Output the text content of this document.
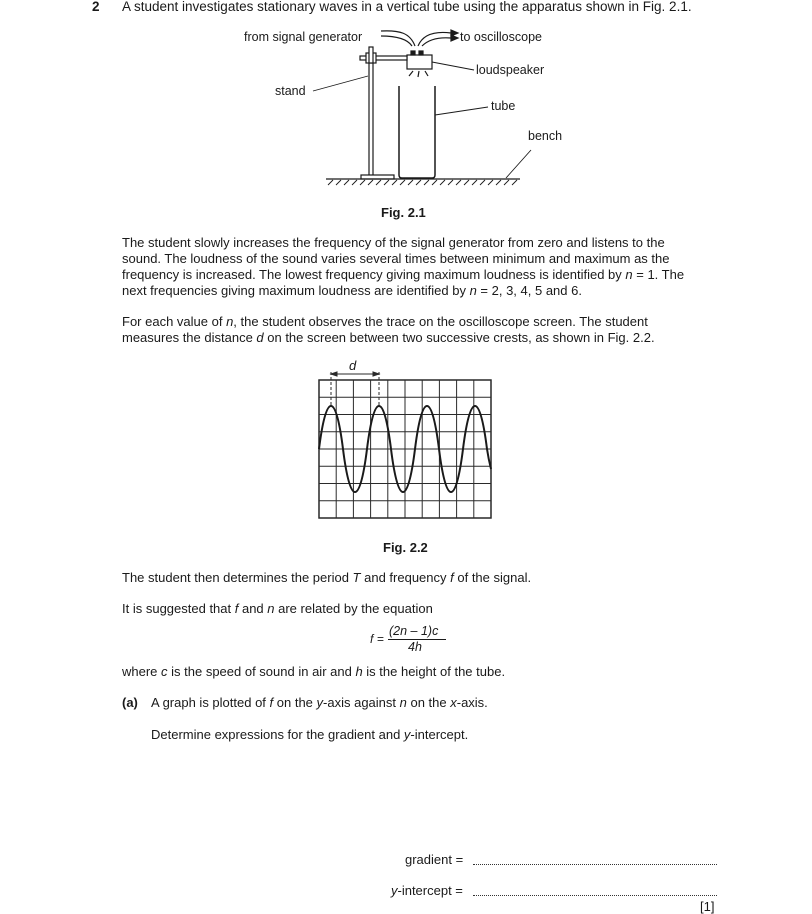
2 A student investigates stationary waves in a vertical tube using the apparatus shown in Fig. 2.1.
from signal generator	to oscilloscope
loudspeaker
stand
tube
bench
Fig. 2.1
The student slowly increases the frequency of the signal generator from zero and listens to the
sound. The loudness of the sound varies several times between minimum and maximum as the
frequency is increased. The lowest frequency giving maximum loudness is identified by n = 1. The
next frequencies giving maximum loudness are identified by n = 2, 3, 4, 5 and 6.
For each value of n, the student observes the trace on the oscilloscope screen. The student
measures the distance d on the screen between two successive crests, as shown in Fig. 2.2.
d
Fig. 2.2
The student then determines the period T and frequency f of the signal.
It is suggested that f and n are related by the equation
f =
(2n – 1)c
4h
where c is the speed of sound in air and h is the height of the tube.
(a) A graph is plotted of f on the y-axis against n on the x-axis.
Determine expressions for the gradient and y-intercept.
gradient =
y-intercept =
[1]
